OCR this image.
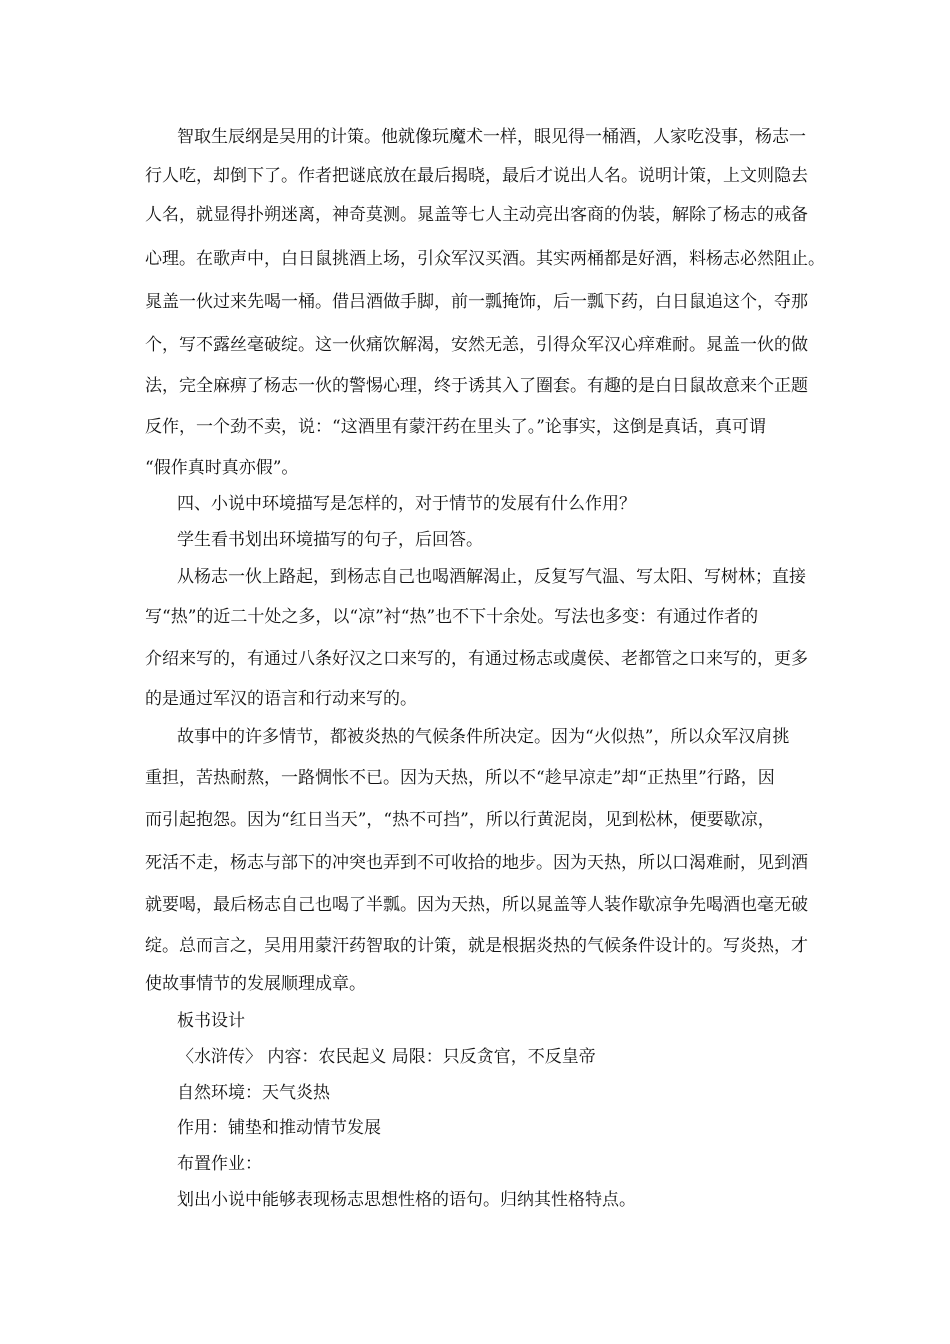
智取生辰纲是吴用的计策。他就像玩魔术一样，眼见得一桶酒，人家吃没事，杨志一
行人吃，却倒下了。作者把谜底放在最后揭晓，最后才说出人名。说明计策，上文则隐去
人名，就显得扑朔迷离，神奇莫测。晁盖等七人主动亮出客商的伪装，解除了杨志的戒备
心理。在歌声中，白日鼠挑酒上场，引众军汉买酒。其实两桶都是好酒，料杨志必然阻止。
晁盖一伙过来先喝一桶。借吕酒做手脚，前一瓢掩饰，后一瓢下药，白日鼠追这个，夺那
个，写不露丝毫破绽。这一伙痛饮解渴，安然无恙，引得众军汉心痒难耐。晁盖一伙的做
法，完全麻痹了杨志一伙的警惕心理，终于诱其入了圈套。有趣的是白日鼠故意来个正题
反作，一个劲不卖，说：“这酒里有蒙汗药在里头了。”论事实，这倒是真话，真可谓
“假作真时真亦假”。
四、小说中环境描写是怎样的，对于情节的发展有什么作用？
学生看书划出环境描写的句子，后回答。
从杨志一伙上路起，到杨志自己也喝酒解渴止，反复写气温、写太阳、写树林；直接
写“热”的近二十处之多，以“凉”衬“热”也不下十余处。写法也多变：有通过作者的
介绍来写的，有通过八条好汉之口来写的，有通过杨志或虞侯、老都管之口来写的，更多
的是通过军汉的语言和行动来写的。
故事中的许多情节，都被炎热的气候条件所决定。因为“火似热”，所以众军汉肩挑
重担，苦热耐熬，一路惆怅不已。因为天热，所以不“趁早凉走”却“正热里”行路，因
而引起抱怨。因为“红日当天”，“热不可挡”，所以行黄泥岗，见到松林，便要歇凉，
死活不走，杨志与部下的冲突也弄到不可收拾的地步。因为天热，所以口渴难耐，见到酒
就要喝，最后杨志自己也喝了半瓢。因为天热，所以晁盖等人装作歇凉争先喝酒也毫无破
绽。总而言之，吴用用蒙汗药智取的计策，就是根据炎热的气候条件设计的。写炎热，才
使故事情节的发展顺理成章。
板书设计
〈水浒传〉 内容：农民起义 局限：只反贪官，不反皇帝
自然环境：天气炎热
作用：铺垫和推动情节发展
布置作业：
划出小说中能够表现杨志思想性格的语句。归纳其性格特点。
